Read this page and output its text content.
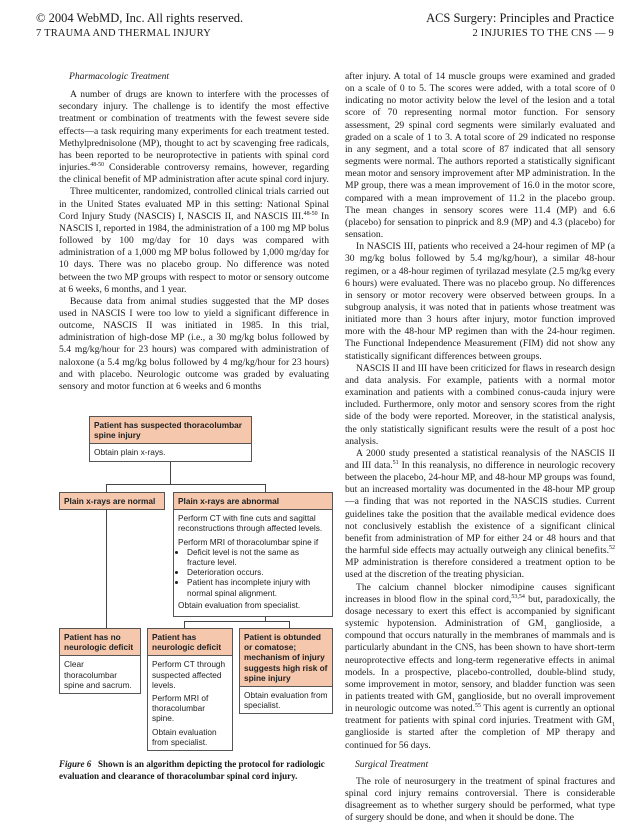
© 2004 WebMD, Inc. All rights reserved.
7 TRAUMA AND THERMAL INJURY
ACS Surgery: Principles and Practice
2 INJURIES TO THE CNS — 9

Pharmacologic Treatment

A number of drugs are known to interfere with the processes of secondary injury. The challenge is to identify the most effective treatment or combination of treatments with the fewest severe side effects—a task requiring many experiments for each treatment tested. Methylprednisolone (MP), thought to act by scavenging free radicals, has been reported to be neuroprotective in patients with spinal cord injuries.$^{48-50}$ Considerable controversy remains, however, regarding the clinical benefit of MP administration after acute spinal cord injury.

Three multicenter, randomized, controlled clinical trials carried out in the United States evaluated MP in this setting: National Spinal Cord Injury Study (NASCIS) I, NASCIS II, and NASCIS III.$^{48-50}$ In NASCIS I, reported in 1984, the administration of a 100 mg MP bolus followed by 100 mg/day for 10 days was compared with administration of a 1,000 mg MP bolus followed by 1,000 mg/day for 10 days. There was no placebo group. No difference was noted between the two MP groups with respect to motor or sensory outcome at 6 weeks, 6 months, and 1 year.

Because data from animal studies suggested that the MP doses used in NASCIS I were too low to yield a significant difference in outcome, NASCIS II was initiated in 1985. In this trial, administration of high-dose MP (i.e., a 30 mg/kg bolus followed by 5.4 mg/kg/hour for 23 hours) was compared with administration of naloxone (a 5.4 mg/kg bolus followed by 4 mg/kg/hour for 23 hours) and with placebo. Neurologic outcome was graded by evaluating sensory and motor function at 6 weeks and 6 months

Patient has suspected thoracolumbar spine injury
Obtain plain x-rays.
Plain x-rays are normal	Plain x-rays are abnormal
Perform CT with fine cuts and sagittal reconstructions through affected levels.
Perform MRI of thoracolumbar spine if
• Deficit level is not the same as fracture level.
• Deterioration occurs.
• Patient has incomplete injury with normal spinal alignment.
Obtain evaluation from specialist.
Patient has no neurologic deficit
Clear thoracolumbar spine and sacrum.
Patient has neurologic deficit
Perform CT through suspected affected levels.
Perform MRI of thoracolumbar spine.
Obtain evaluation from specialist.
Patient is obtunded or comatose; mechanism of injury suggests high risk of spine injury
Obtain evaluation from specialist.
Figure 6 Shown is an algorithm depicting the protocol for radiologic evaluation and clearance of thoracolumbar spinal cord injury.

after injury. A total of 14 muscle groups were examined and graded on a scale of 0 to 5. The scores were added, with a total score of 0 indicating no motor activity below the level of the lesion and a total score of 70 representing normal motor function. For sensory assessment, 29 spinal cord segments were similarly evaluated and graded on a scale of 1 to 3. A total score of 29 indicated no response in any segment, and a total score of 87 indicated that all sensory segments were normal. The authors reported a statistically significant mean motor and sensory improvement after MP administration. In the MP group, there was a mean improvement of 16.0 in the motor score, compared with a mean improvement of 11.2 in the placebo group. The mean changes in sensory scores were 11.4 (MP) and 6.6 (placebo) for sensation to pinprick and 8.9 (MP) and 4.3 (placebo) for sensation.

In NASCIS III, patients who received a 24-hour regimen of MP (a 30 mg/kg bolus followed by 5.4 mg/kg/hour), a similar 48-hour regimen, or a 48-hour regimen of tyrilazad mesylate (2.5 mg/kg every 6 hours) were evaluated. There was no placebo group. No differences in sensory or motor recovery were observed between groups. In a subgroup analysis, it was noted that in patients whose treatment was initiated more than 3 hours after injury, motor function improved more with the 48-hour MP regimen than with the 24-hour regimen. The Functional Independence Measurement (FIM) did not show any statistically significant differences between groups.

NASCIS II and III have been criticized for flaws in research design and data analysis. For example, patients with a normal motor examination and patients with a combined conus-cauda injury were included. Furthermore, only motor and sensory scores from the right side of the body were reported. Moreover, in the statistical analysis, the only statistically significant results were the result of a post hoc analysis.

A 2000 study presented a statistical reanalysis of the NASCIS II and III data.$^{51}$ In this reanalysis, no difference in neurologic recovery between the placebo, 24-hour MP, and 48-hour MP groups was found, but an increased mortality was documented in the 48-hour MP group—a finding that was not reported in the NASCIS studies. Current guidelines take the position that the available medical evidence does not conclusively establish the existence of a significant clinical benefit from administration of MP for either 24 or 48 hours and that the harmful side effects may actually outweigh any clinical benefits.$^{52}$ MP administration is therefore considered a treatment option to be used at the discretion of the treating physician.

The calcium channel blocker nimodipine causes significant increases in blood flow in the spinal cord,$^{53,54}$ but, paradoxically, the dosage necessary to exert this effect is accompanied by significant systemic hypotension. Administration of $GM_1$ ganglioside, a compound that occurs naturally in the membranes of mammals and is particularly abundant in the CNS, has been shown to have short-term neuroprotective effects and long-term regenerative effects in animal models. In a prospective, placebo-controlled, double-blind study, some improvement in motor, sensory, and bladder function was seen in patients treated with $GM_1$ ganglioside, but no overall improvement in neurologic outcome was noted.$^{55}$ This agent is currently an optional treatment for patients with spinal cord injuries. Treatment with $GM_1$ ganglioside is started after the completion of MP therapy and continued for 56 days.

Surgical Treatment

The role of neurosurgery in the treatment of spinal fractures and spinal cord injury remains controversial. There is considerable disagreement as to whether surgery should be performed, what type of surgery should be done, and when it should be done. The
